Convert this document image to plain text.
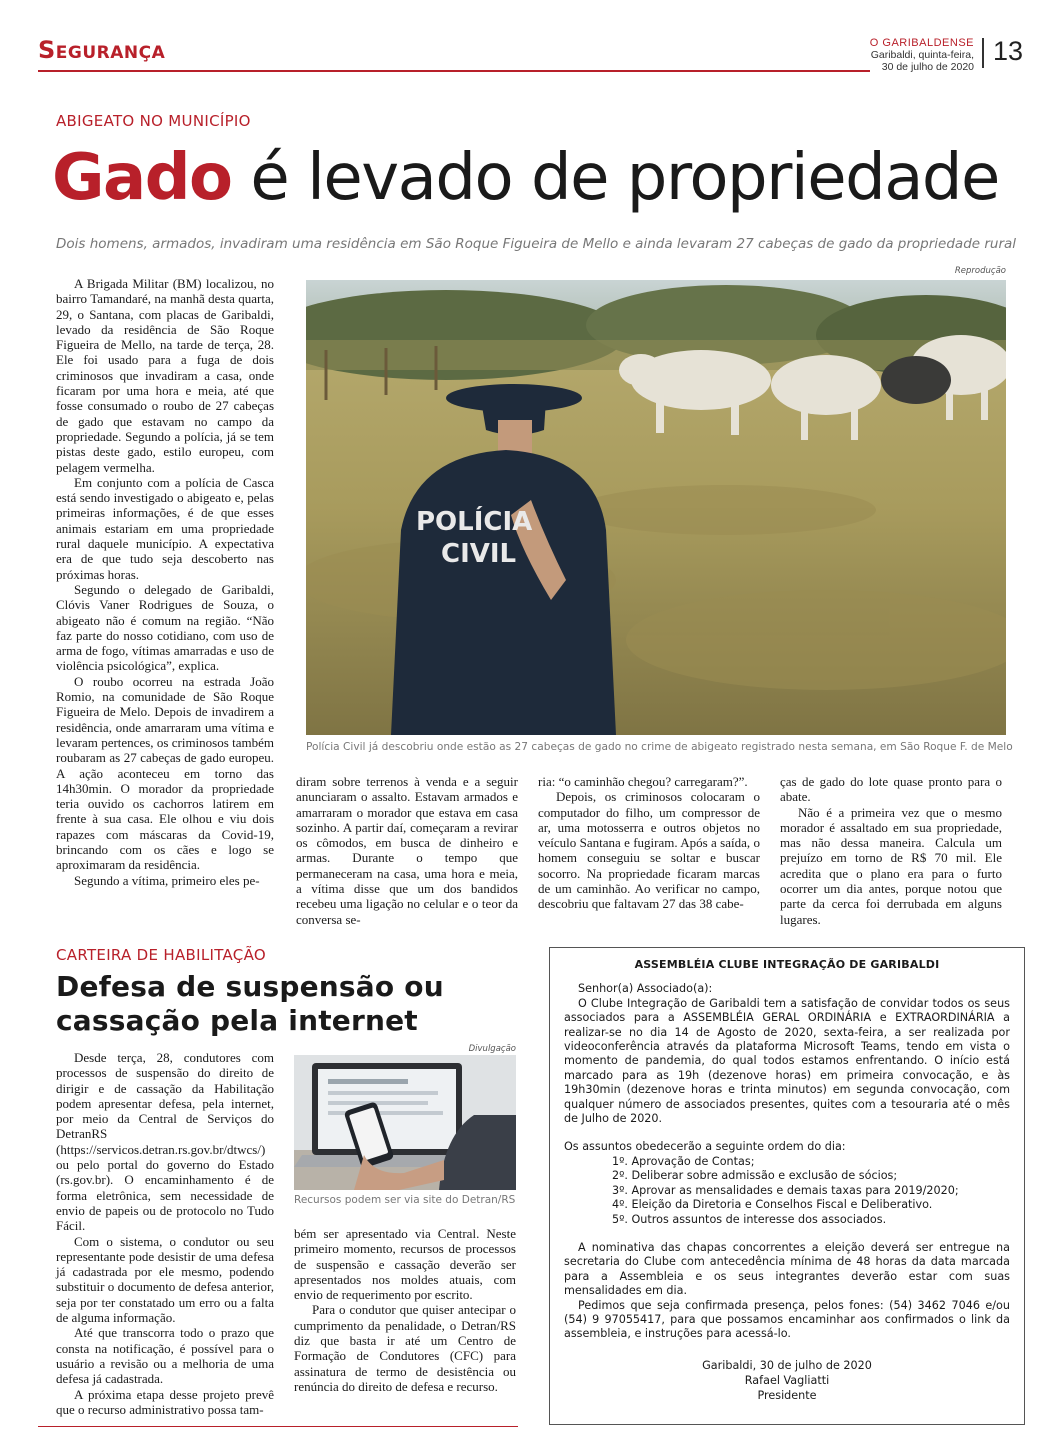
Segurança	O GARIBALDENSE
Garibaldi, quinta-feira,
30 de julho de 2020
13
ABIGEATO NO MUNICÍPIO
Gado é levado de propriedade
Dois homens, armados, invadiram uma residência em São Roque Figueira de Mello e ainda levaram 27 cabeças de gado da propriedade rural
Reprodução
POLÍCIA
CIVIL
Polícia Civil já descobriu onde estão as 27 cabeças de gado no crime de abigeato registrado nesta semana, em São Roque F. de Melo

A Brigada Militar (BM) localizou, no bairro Tamandaré, na manhã desta quarta, 29, o Santana, com placas de Garibaldi, levado da residência de São Roque Figueira de Mello, na tarde de terça, 28. Ele foi usado para a fuga de dois criminosos que invadiram a casa, onde ficaram por uma hora e meia, até que fosse consumado o roubo de 27 cabeças de gado que estavam no campo da propriedade. Segundo a polícia, já se tem pistas deste gado, estilo europeu, com pelagem vermelha.

Em conjunto com a polícia de Casca está sendo investigado o abigeato e, pelas primeiras informações, é de que esses animais estariam em uma propriedade rural daquele município. A expectativa era de que tudo seja descoberto nas próximas horas.

Segundo o delegado de Garibaldi, Clóvis Vaner Rodrigues de Souza, o abigeato não é comum na região. “Não faz parte do nosso cotidiano, com uso de arma de fogo, vítimas amarradas e uso de violência psicológica”, explica.

O roubo ocorreu na estrada João Romio, na comunidade de São Roque Figueira de Melo. Depois de invadirem a residência, onde amarraram uma vítima e levaram pertences, os criminosos também roubaram as 27 cabeças de gado europeu. A ação aconteceu em torno das 14h30min. O morador da propriedade teria ouvido os cachorros latirem em frente à sua casa. Ele olhou e viu dois rapazes com máscaras da Covid-19, brincando com os cães e logo se aproximaram da residência.

Segundo a vítima, primeiro eles pe-

diram sobre terrenos à venda e a seguir anunciaram o assalto. Estavam armados e amarraram o morador que estava em casa sozinho. A partir daí, começaram a revirar os cômodos, em busca de dinheiro e armas. Durante o tempo que permaneceram na casa, uma hora e meia, a vítima disse que um dos bandidos recebeu uma ligação no celular e o teor da conversa se-

ria: “o caminhão chegou? carregaram?”.

Depois, os criminosos colocaram o computador do filho, um compressor de ar, uma motosserra e outros objetos no veículo Santana e fugiram. Após a saída, o homem conseguiu se soltar e buscar socorro. Na propriedade ficaram marcas de um caminhão. Ao verificar no campo, descobriu que faltavam 27 das 38 cabe-

ças de gado do lote quase pronto para o abate.

Não é a primeira vez que o mesmo morador é assaltado em sua propriedade, mas não dessa maneira. Calcula um prejuízo em torno de R$ 70 mil. Ele acredita que o plano era para o furto ocorrer um dia antes, porque notou que parte da cerca foi derrubada em alguns lugares.

CARTEIRA DE HABILITAÇÃO
Defesa de suspensão ou
cassação pela internet
Divulgação
Recursos podem ser via site do Detran/RS

Desde terça, 28, condutores com processos de suspensão do direito de dirigir e de cassação da Habilitação podem apresentar defesa, pela internet, por meio da Central de Serviços do DetranRS (https://servicos.detran.rs.gov.br/dtwcs/) ou pelo portal do governo do Estado (rs.gov.br). O encaminhamento é de forma eletrônica, sem necessidade de envio de papeis ou de protocolo no Tudo Fácil.

Com o sistema, o condutor ou seu representante pode desistir de uma defesa já cadastrada por ele mesmo, podendo substituir o documento de defesa anterior, seja por ter constatado um erro ou a falta de alguma informação.

Até que transcorra todo o prazo que consta na notificação, é possível para o usuário a revisão ou a melhoria de uma defesa já cadastrada.

A próxima etapa desse projeto prevê que o recurso administrativo possa tam-

bém ser apresentado via Central. Neste primeiro momento, recursos de processos de suspensão e cassação deverão ser apresentados nos moldes atuais, com envio de requerimento por escrito.

Para o condutor que quiser antecipar o cumprimento da penalidade, o Detran/RS diz que basta ir até um Centro de Formação de Condutores (CFC) para assinatura de termo de desistência ou renúncia do direito de defesa e recurso.

ASSEMBLÉIA CLUBE INTEGRAÇÃO DE GARIBALDI
Senhor(a) Associado(a):
O Clube Integração de Garibaldi tem a satisfação de convidar todos os seus associados para a ASSEMBLÉIA GERAL ORDINÁRIA e EXTRAORDINÁRIA a realizar-se no dia 14 de Agosto de 2020, sexta-feira, a ser realizada por videoconferência através da plataforma Microsoft Teams, tendo em vista o momento de pandemia, do qual todos estamos enfrentando. O início está marcado para as 19h (dezenove horas) em primeira convocação, e às 19h30min (dezenove horas e trinta minutos) em segunda convocação, com qualquer número de associados presentes, quites com a tesouraria até o mês de Julho de 2020.
Os assuntos obedecerão a seguinte ordem do dia:
1º. Aprovação de Contas;
2º. Deliberar sobre admissão e exclusão de sócios;
3º. Aprovar as mensalidades e demais taxas para 2019/2020;
4º. Eleição da Diretoria e Conselhos Fiscal e Deliberativo.
5º. Outros assuntos de interesse dos associados.
A nominativa das chapas concorrentes a eleição deverá ser entregue na secretaria do Clube com antecedência mínima de 48 horas da data marcada para a Assembleia e os seus integrantes deverão estar com suas mensalidades em dia.
Pedimos que seja confirmada presença, pelos fones: (54) 3462 7046 e/ou (54) 9 97055417, para que possamos encaminhar aos confirmados o link da assembleia, e instruções para acessá-lo.
Garibaldi, 30 de julho de 2020
Rafael Vagliatti
Presidente
